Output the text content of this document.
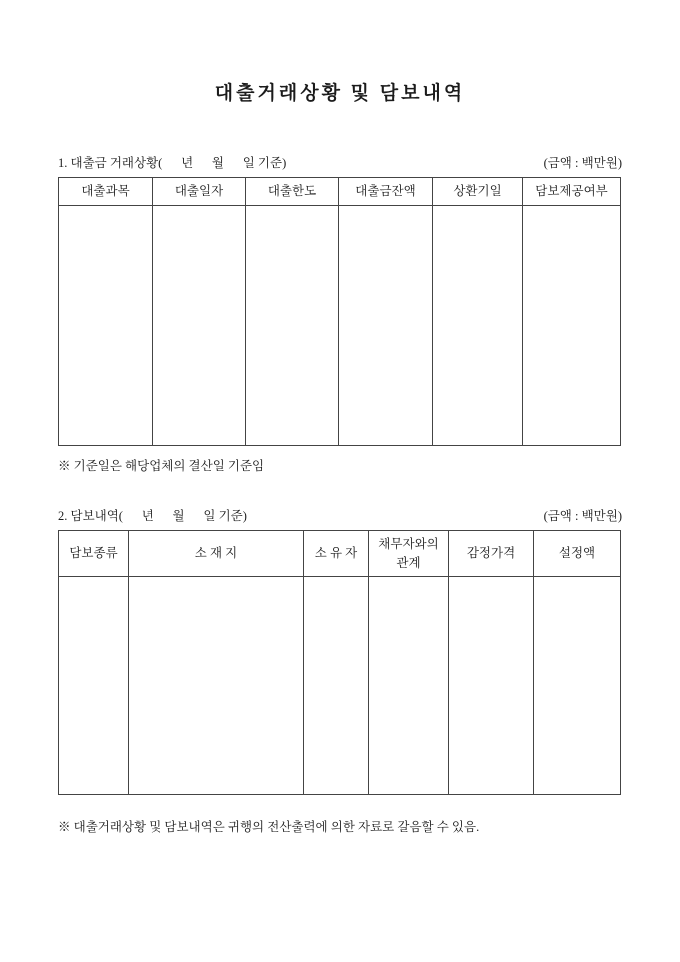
대출거래상황 및 담보내역
1. 대출금 거래상황(      년      월      일 기준)	(금액 : 백만원)
대출과목	대출일자	대출한도	대출금잔액	상환기일	담보제공여부

※ 기준일은 해당업체의 결산일 기준임
2. 담보내역(      년      월      일 기준)	(금액 : 백만원)
담보종류	소 재 지	소 유 자	채무자와의 관계	감정가격	설정액

※ 대출거래상황 및 담보내역은 귀행의 전산출력에 의한 자료로 갈음할 수 있음.
